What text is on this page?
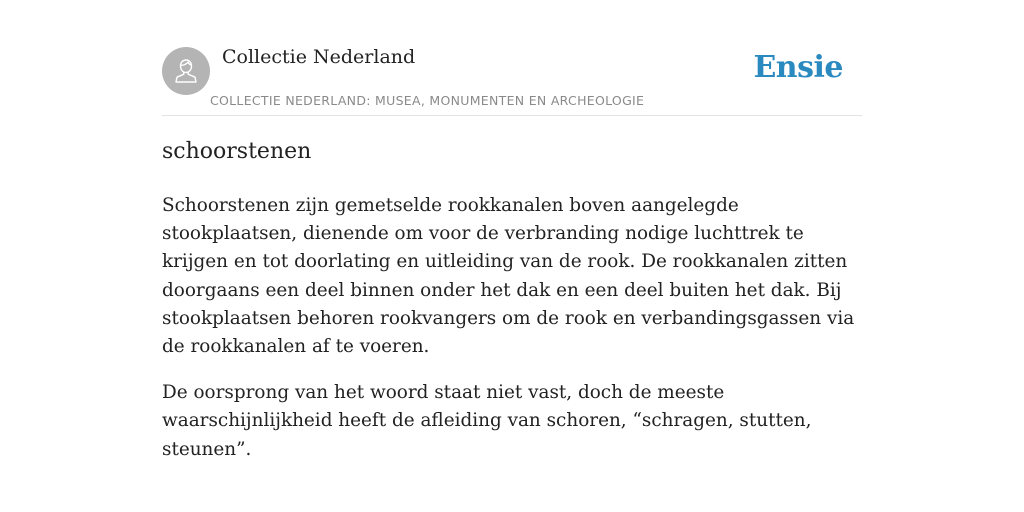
Collectie Nederland
COLLECTIE NEDERLAND: MUSEA, MONUMENTEN EN ARCHEOLOGIE
Ensie
schoorstenen

Schoorstenen zijn gemetselde rookkanalen boven aangelegde stookplaatsen, dienende om voor de verbranding nodige luchttrek te krijgen en tot doorlating en uitleiding van de rook. De rookkanalen zitten doorgaans een deel binnen onder het dak en een deel buiten het dak. Bij stookplaatsen behoren rookvangers om de rook en verbandingsgassen via de rookkanalen af te voeren.

De oorsprong van het woord staat niet vast, doch de meeste waarschijnlijkheid heeft de afleiding van schoren, “schragen, stutten, steunen”.
